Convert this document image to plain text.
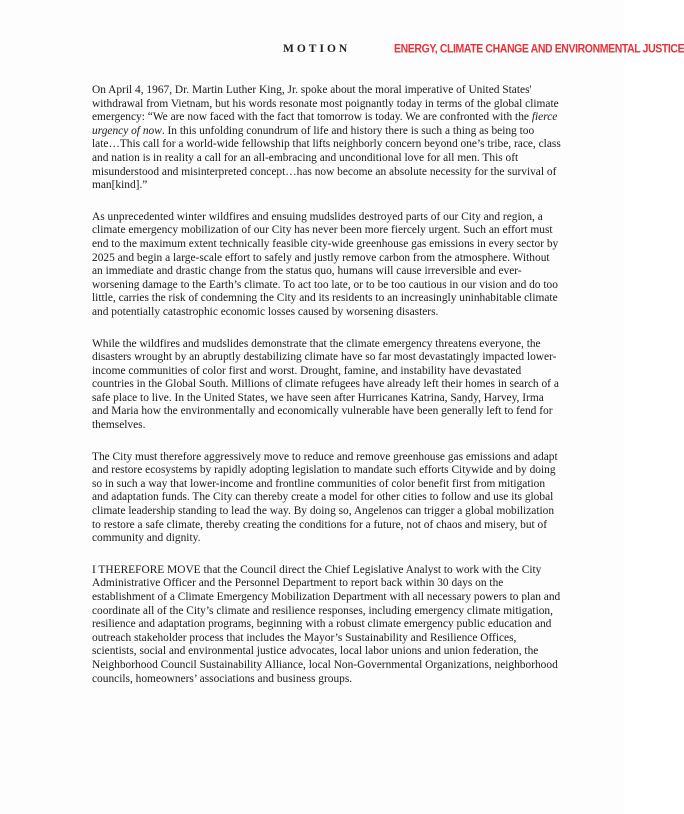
MOTION	ENERGY, CLIMATE CHANGE AND ENVIRONMENTAL JUSTICE

On April 4, 1967, Dr. Martin Luther King, Jr. spoke about the moral imperative of United States' withdrawal from Vietnam, but his words resonate most poignantly today in terms of the global climate emergency: “We are now faced with the fact that tomorrow is today. We are confronted with the fierce urgency of now. In this unfolding conundrum of life and history there is such a thing as being too late…This call for a world-wide fellowship that lifts neighborly concern beyond one’s tribe, race, class and nation is in reality a call for an all-embracing and unconditional love for all men. This oft misunderstood and misinterpreted concept…has now become an absolute necessity for the survival of man[kind].”

As unprecedented winter wildfires and ensuing mudslides destroyed parts of our City and region, a climate emergency mobilization of our City has never been more fiercely urgent. Such an effort must end to the maximum extent technically feasible city-wide greenhouse gas emissions in every sector by 2025 and begin a large-scale effort to safely and justly remove carbon from the atmosphere. Without an immediate and drastic change from the status quo, humans will cause irreversible and ever-worsening damage to the Earth’s climate. To act too late, or to be too cautious in our vision and do too little, carries the risk of condemning the City and its residents to an increasingly uninhabitable climate and potentially catastrophic economic losses caused by worsening disasters.

While the wildfires and mudslides demonstrate that the climate emergency threatens everyone, the disasters wrought by an abruptly destabilizing climate have so far most devastatingly impacted lower-income communities of color first and worst. Drought, famine, and instability have devastated countries in the Global South. Millions of climate refugees have already left their homes in search of a safe place to live. In the United States, we have seen after Hurricanes Katrina, Sandy, Harvey, Irma and Maria how the environmentally and economically vulnerable have been generally left to fend for themselves.

The City must therefore aggressively move to reduce and remove greenhouse gas emissions and adapt and restore ecosystems by rapidly adopting legislation to mandate such efforts Citywide and by doing so in such a way that lower-income and frontline communities of color benefit first from mitigation and adaptation funds. The City can thereby create a model for other cities to follow and use its global climate leadership standing to lead the way. By doing so, Angelenos can trigger a global mobilization to restore a safe climate, thereby creating the conditions for a future, not of chaos and misery, but of community and dignity.

I THEREFORE MOVE that the Council direct the Chief Legislative Analyst to work with the City Administrative Officer and the Personnel Department to report back within 30 days on the establishment of a Climate Emergency Mobilization Department with all necessary powers to plan and coordinate all of the City’s climate and resilience responses, including emergency climate mitigation, resilience and adaptation programs, beginning with a robust climate emergency public education and outreach stakeholder process that includes the Mayor’s Sustainability and Resilience Offices, scientists, social and environmental justice advocates, local labor unions and union federation, the Neighborhood Council Sustainability Alliance, local Non-Governmental Organizations, neighborhood councils, homeowners’ associations and business groups.
